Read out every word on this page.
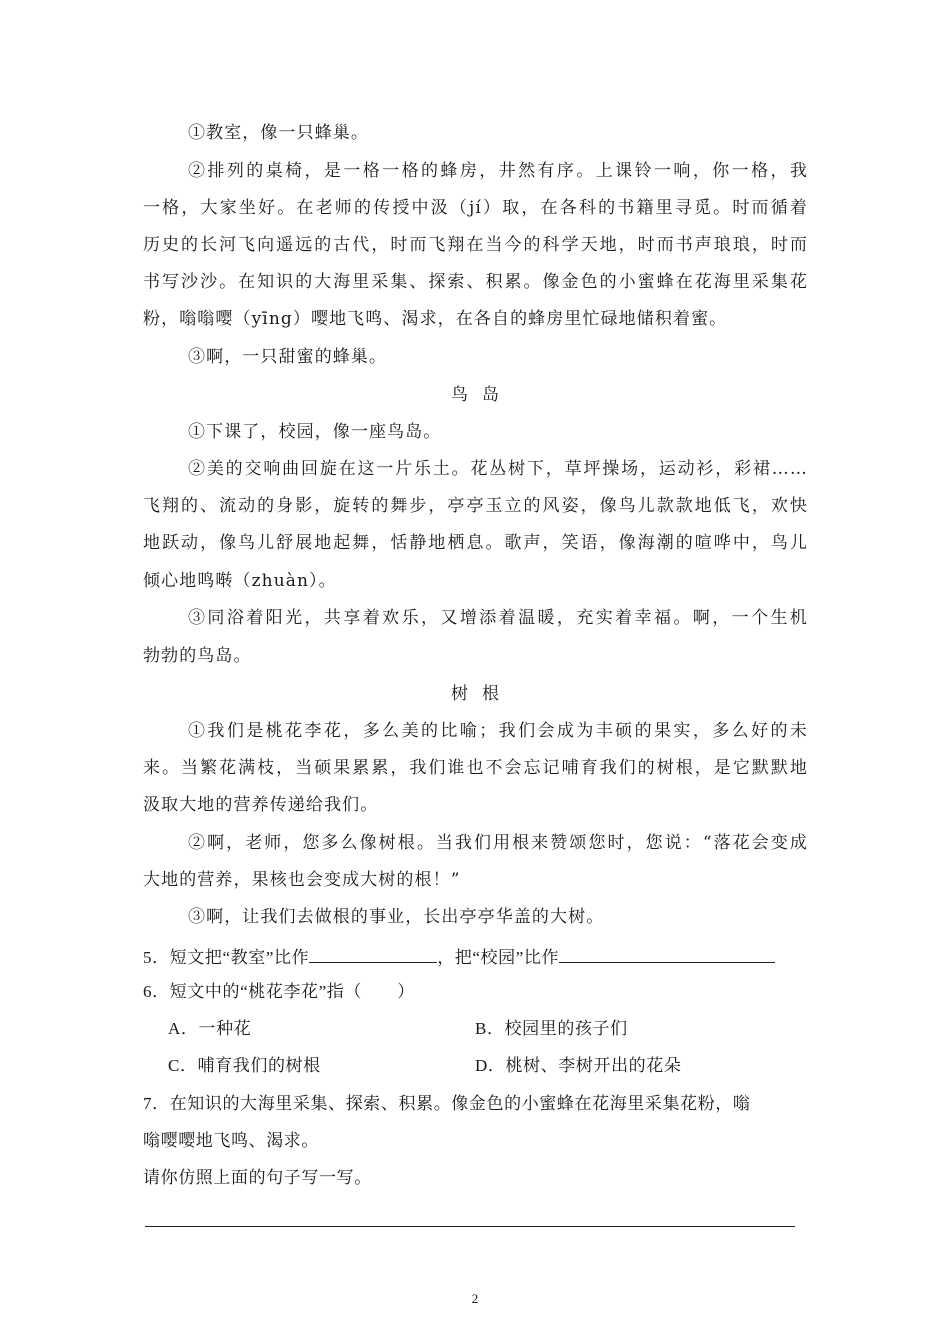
①教室，像一只蜂巢。
②排列的桌椅，是一格一格的蜂房，井然有序。上课铃一响，你一格，我
一格，大家坐好。在老师的传授中汲（jí）取，在各科的书籍里寻觅。时而循着
历史的长河飞向遥远的古代，时而飞翔在当今的科学天地，时而书声琅琅，时而
书写沙沙。在知识的大海里采集、探索、积累。像金色的小蜜蜂在花海里采集花
粉，嗡嗡嘤（yīng）嘤地飞鸣、渴求，在各自的蜂房里忙碌地储积着蜜。
③啊，一只甜蜜的蜂巢。
鸟岛
①下课了，校园，像一座鸟岛。
②美的交响曲回旋在这一片乐土。花丛树下，草坪操场，运动衫，彩裙……
飞翔的、流动的身影，旋转的舞步，亭亭玉立的风姿，像鸟儿款款地低飞，欢快
地跃动，像鸟儿舒展地起舞，恬静地栖息。歌声，笑语，像海潮的喧哗中，鸟儿
倾心地鸣啭（zhuàn）。
③同浴着阳光，共享着欢乐，又增添着温暖，充实着幸福。啊，一个生机
勃勃的鸟岛。
树根
①我们是桃花李花，多么美的比喻；我们会成为丰硕的果实，多么好的未
来。当繁花满枝，当硕果累累，我们谁也不会忘记哺育我们的树根，是它默默地
汲取大地的营养传递给我们。
②啊，老师，您多么像树根。当我们用根来赞颂您时，您说：“落花会变成
大地的营养，果核也会变成大树的根！”
③啊，让我们去做根的事业，长出亭亭华盖的大树。
5．短文把“教室”比作	，把“校园”比作
6．短文中的“桃花李花”指（　　）
A．一种花	B．校园里的孩子们
C．哺育我们的树根	D．桃树、李树开出的花朵
7．在知识的大海里采集、探索、积累。像金色的小蜜蜂在花海里采集花粉，嗡
嗡嘤嘤地飞鸣、渴求。
请你仿照上面的句子写一写。
2
